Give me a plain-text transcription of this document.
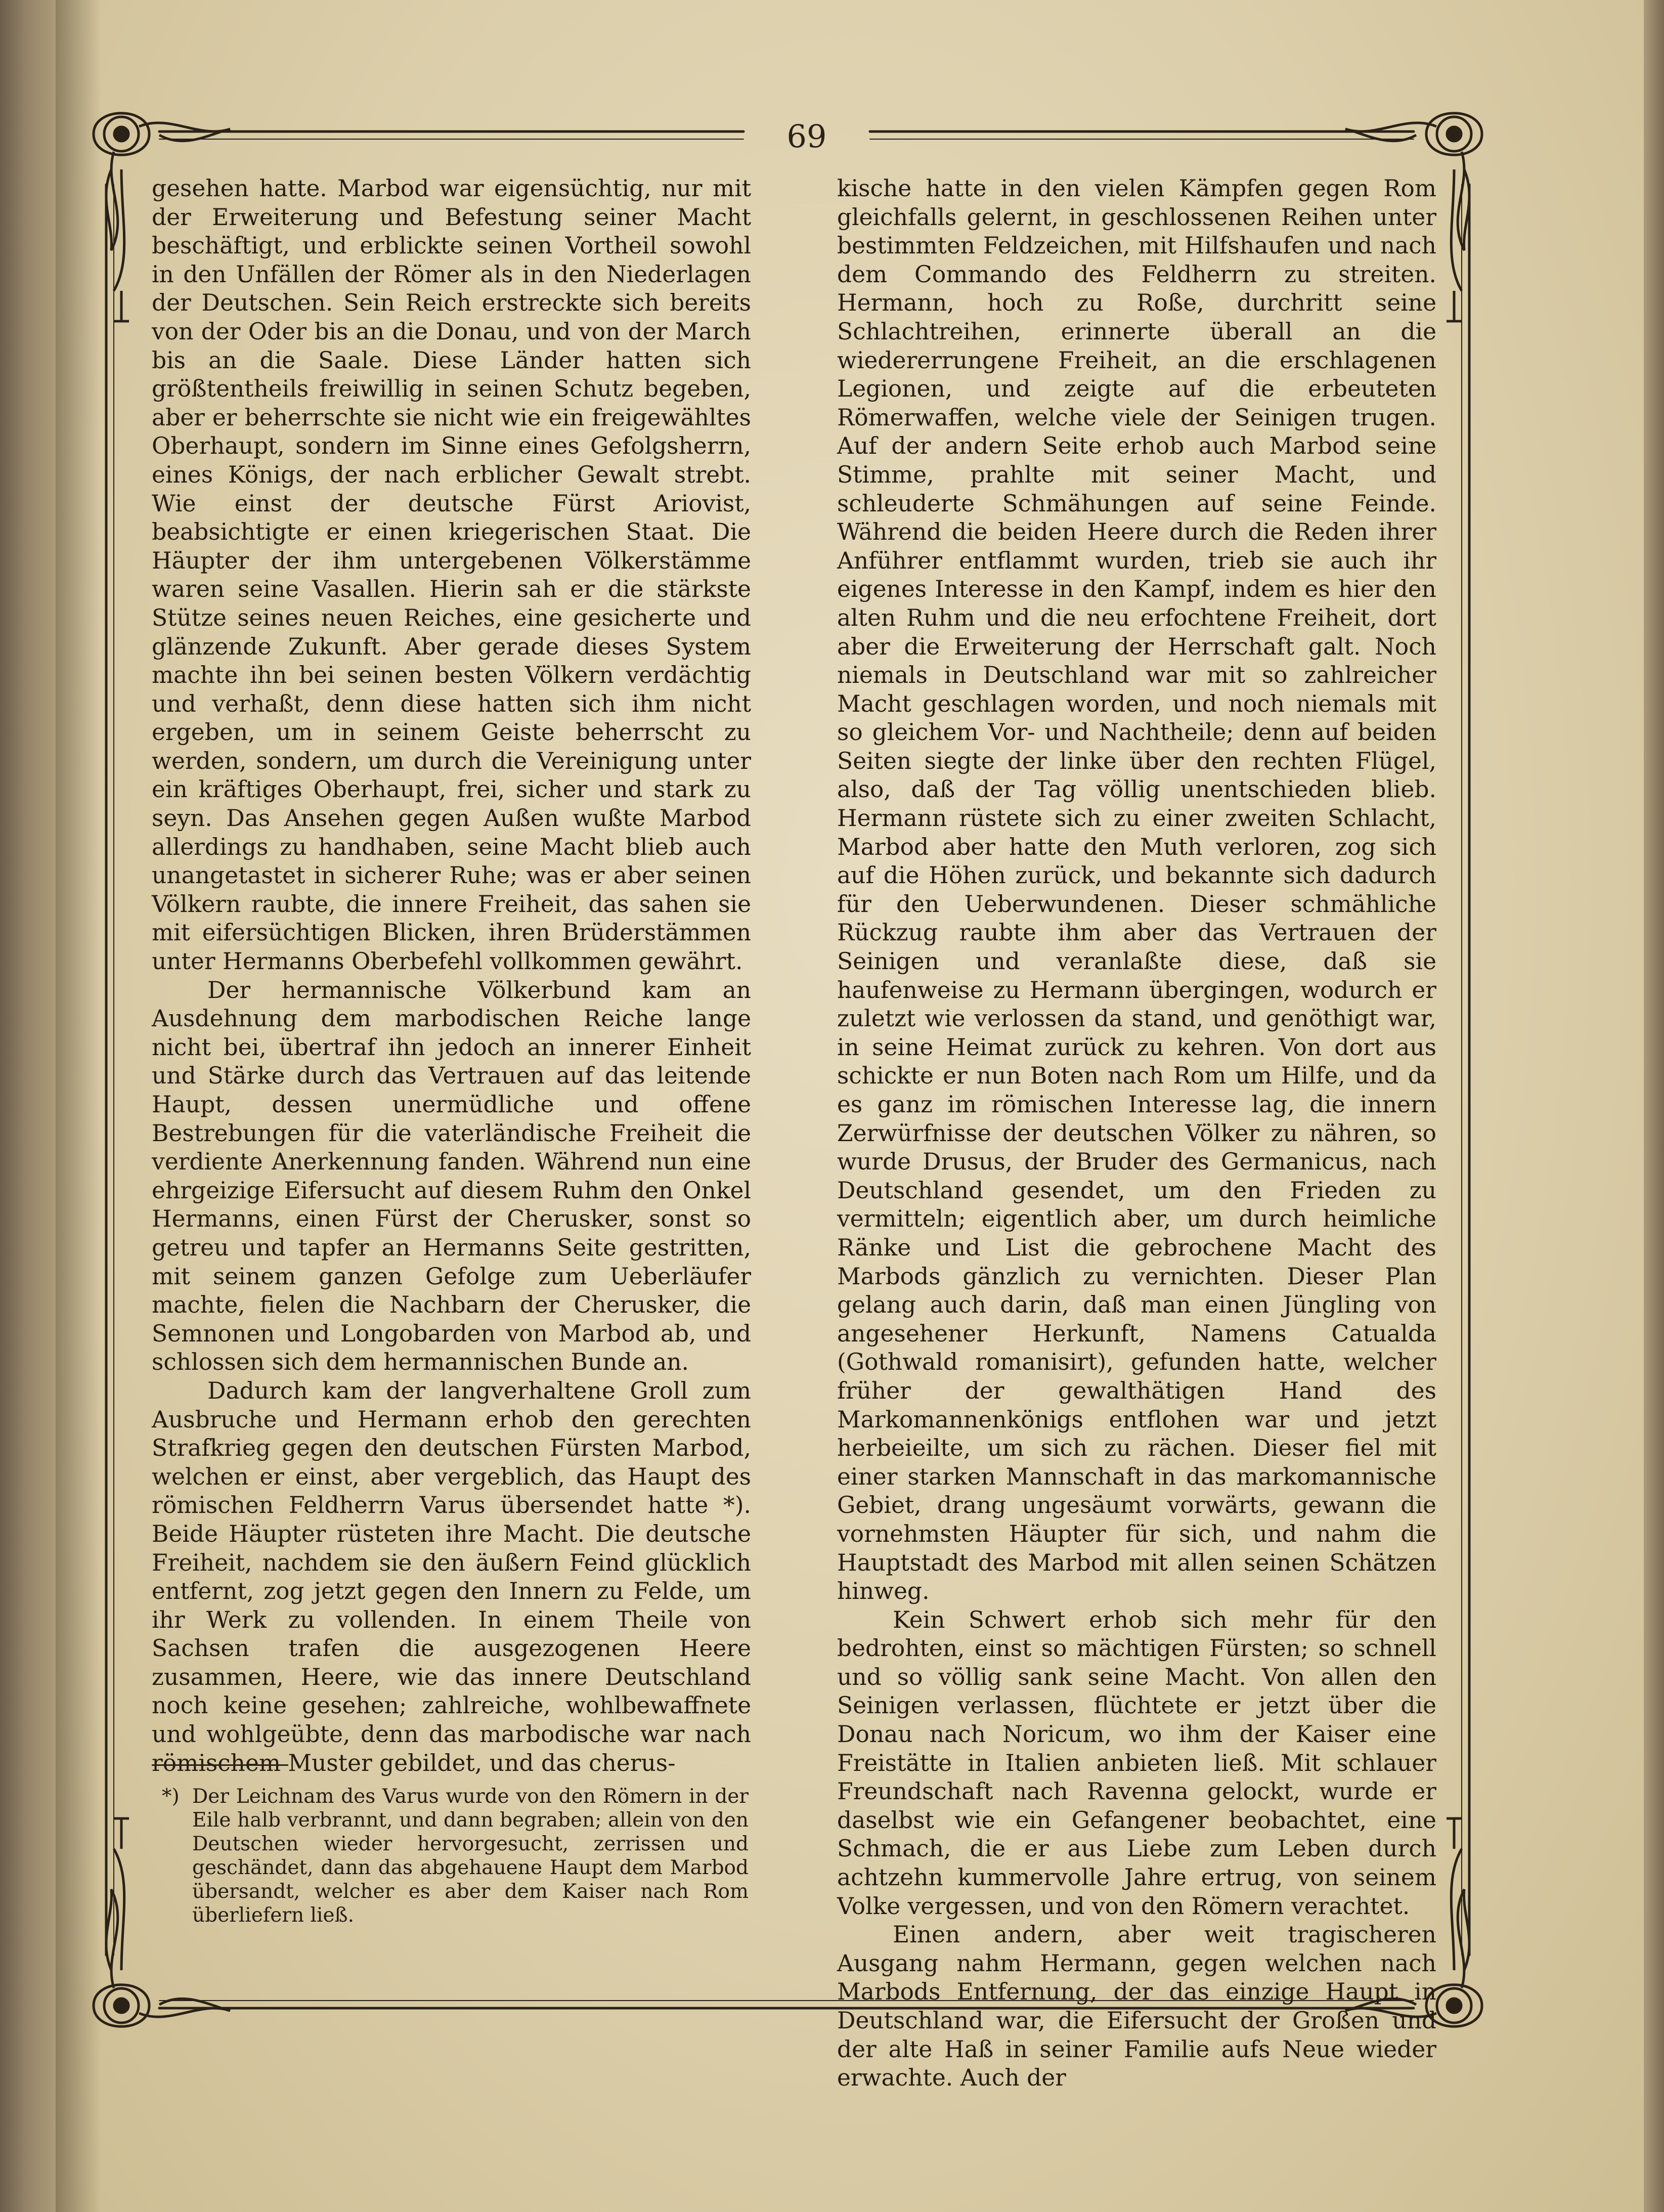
69

gesehen hatte. Marbod war eigensüchtig, nur mit der Erweiterung und Befestung seiner Macht beschäftigt, und erblickte seinen Vortheil sowohl in den Unfällen der Römer als in den Niederlagen der Deutschen. Sein Reich erstreckte sich bereits von der Oder bis an die Donau, und von der March bis an die Saale. Diese Länder hatten sich größtentheils freiwillig in seinen Schutz begeben, aber er beherrschte sie nicht wie ein freigewähltes Oberhaupt, sondern im Sinne eines Gefolgsherrn, eines Königs, der nach erblicher Gewalt strebt. Wie einst der deutsche Fürst Ariovist, beabsichtigte er einen kriegerischen Staat. Die Häupter der ihm untergebenen Völkerstämme waren seine Vasallen. Hierin sah er die stärkste Stütze seines neuen Reiches, eine gesicherte und glänzende Zukunft. Aber gerade dieses System machte ihn bei seinen besten Völkern verdächtig und verhaßt, denn diese hatten sich ihm nicht ergeben, um in seinem Geiste beherrscht zu werden, sondern, um durch die Vereinigung unter ein kräftiges Oberhaupt, frei, sicher und stark zu seyn. Das Ansehen gegen Außen wußte Marbod allerdings zu handhaben, seine Macht blieb auch unangetastet in sicherer Ruhe; was er aber seinen Völkern raubte, die innere Freiheit, das sahen sie mit eifersüchtigen Blicken, ihren Brüderstämmen unter Hermanns Oberbefehl vollkommen gewährt.

Der hermannische Völkerbund kam an Ausdehnung dem marbodischen Reiche lange nicht bei, übertraf ihn jedoch an innerer Einheit und Stärke durch das Vertrauen auf das leitende Haupt, dessen unermüdliche und offene Bestrebungen für die vaterländische Freiheit die verdiente Anerkennung fanden. Während nun eine ehrgeizige Eifersucht auf diesem Ruhm den Onkel Hermanns, einen Fürst der Cherusker, sonst so getreu und tapfer an Hermanns Seite gestritten, mit seinem ganzen Gefolge zum Ueberläufer machte, fielen die Nachbarn der Cherusker, die Semnonen und Longobarden von Marbod ab, und schlossen sich dem hermannischen Bunde an.

Dadurch kam der langverhaltene Groll zum Ausbruche und Hermann erhob den gerechten Strafkrieg gegen den deutschen Fürsten Marbod, welchen er einst, aber vergeblich, das Haupt des römischen Feldherrn Varus übersendet hatte *). Beide Häupter rüsteten ihre Macht. Die deutsche Freiheit, nachdem sie den äußern Feind glücklich entfernt, zog jetzt gegen den Innern zu Felde, um ihr Werk zu vollenden. In einem Theile von Sachsen trafen die ausgezogenen Heere zusammen, Heere, wie das innere Deutschland noch keine gesehen; zahlreiche, wohlbewaffnete und wohlgeübte, denn das marbodische war nach römischem Muster gebildet, und das cherus-

kische hatte in den vielen Kämpfen gegen Rom gleichfalls gelernt, in geschlossenen Reihen unter bestimmten Feldzeichen, mit Hilfshaufen und nach dem Commando des Feldherrn zu streiten. Hermann, hoch zu Roße, durchritt seine Schlachtreihen, erinnerte überall an die wiedererrungene Freiheit, an die erschlagenen Legionen, und zeigte auf die erbeuteten Römerwaffen, welche viele der Seinigen trugen. Auf der andern Seite erhob auch Marbod seine Stimme, prahlte mit seiner Macht, und schleuderte Schmähungen auf seine Feinde. Während die beiden Heere durch die Reden ihrer Anführer entflammt wurden, trieb sie auch ihr eigenes Interesse in den Kampf, indem es hier den alten Ruhm und die neu erfochtene Freiheit, dort aber die Erweiterung der Herrschaft galt. Noch niemals in Deutschland war mit so zahlreicher Macht geschlagen worden, und noch niemals mit so gleichem Vor- und Nachtheile; denn auf beiden Seiten siegte der linke über den rechten Flügel, also, daß der Tag völlig unentschieden blieb. Hermann rüstete sich zu einer zweiten Schlacht, Marbod aber hatte den Muth verloren, zog sich auf die Höhen zurück, und bekannte sich dadurch für den Ueberwundenen. Dieser schmähliche Rückzug raubte ihm aber das Vertrauen der Seinigen und veranlaßte diese, daß sie haufenweise zu Hermann übergingen, wodurch er zuletzt wie verlossen da stand, und genöthigt war, in seine Heimat zurück zu kehren. Von dort aus schickte er nun Boten nach Rom um Hilfe, und da es ganz im römischen Interesse lag, die innern Zerwürfnisse der deutschen Völker zu nähren, so wurde Drusus, der Bruder des Germanicus, nach Deutschland gesendet, um den Frieden zu vermitteln; eigentlich aber, um durch heimliche Ränke und List die gebrochene Macht des Marbods gänzlich zu vernichten. Dieser Plan gelang auch darin, daß man einen Jüngling von angesehener Herkunft, Namens Catualda (Gothwald romanisirt), gefunden hatte, welcher früher der gewalthätigen Hand des Markomannenkönigs entflohen war und jetzt herbeieilte, um sich zu rächen. Dieser fiel mit einer starken Mannschaft in das markomannische Gebiet, drang ungesäumt vorwärts, gewann die vornehmsten Häupter für sich, und nahm die Hauptstadt des Marbod mit allen seinen Schätzen hinweg.

Kein Schwert erhob sich mehr für den bedrohten, einst so mächtigen Fürsten; so schnell und so völlig sank seine Macht. Von allen den Seinigen verlassen, flüchtete er jetzt über die Donau nach Noricum, wo ihm der Kaiser eine Freistätte in Italien anbieten ließ. Mit schlauer Freundschaft nach Ravenna gelockt, wurde er daselbst wie ein Gefangener beobachtet, eine Schmach, die er aus Liebe zum Leben durch achtzehn kummervolle Jahre ertrug, von seinem Volke vergessen, und von den Römern verachtet.

Einen andern, aber weit tragischeren Ausgang nahm Hermann, gegen welchen nach Marbods Entfernung, der das einzige Haupt in Deutschland war, die Eifersucht der Großen und der alte Haß in seiner Familie aufs Neue wieder erwachte. Auch der

*) Der Leichnam des Varus wurde von den Römern in der Eile halb verbrannt, und dann begraben; allein von den Deutschen wieder hervorgesucht, zerrissen und geschändet, dann das abgehauene Haupt dem Marbod übersandt, welcher es aber dem Kaiser nach Rom überliefern ließ.
